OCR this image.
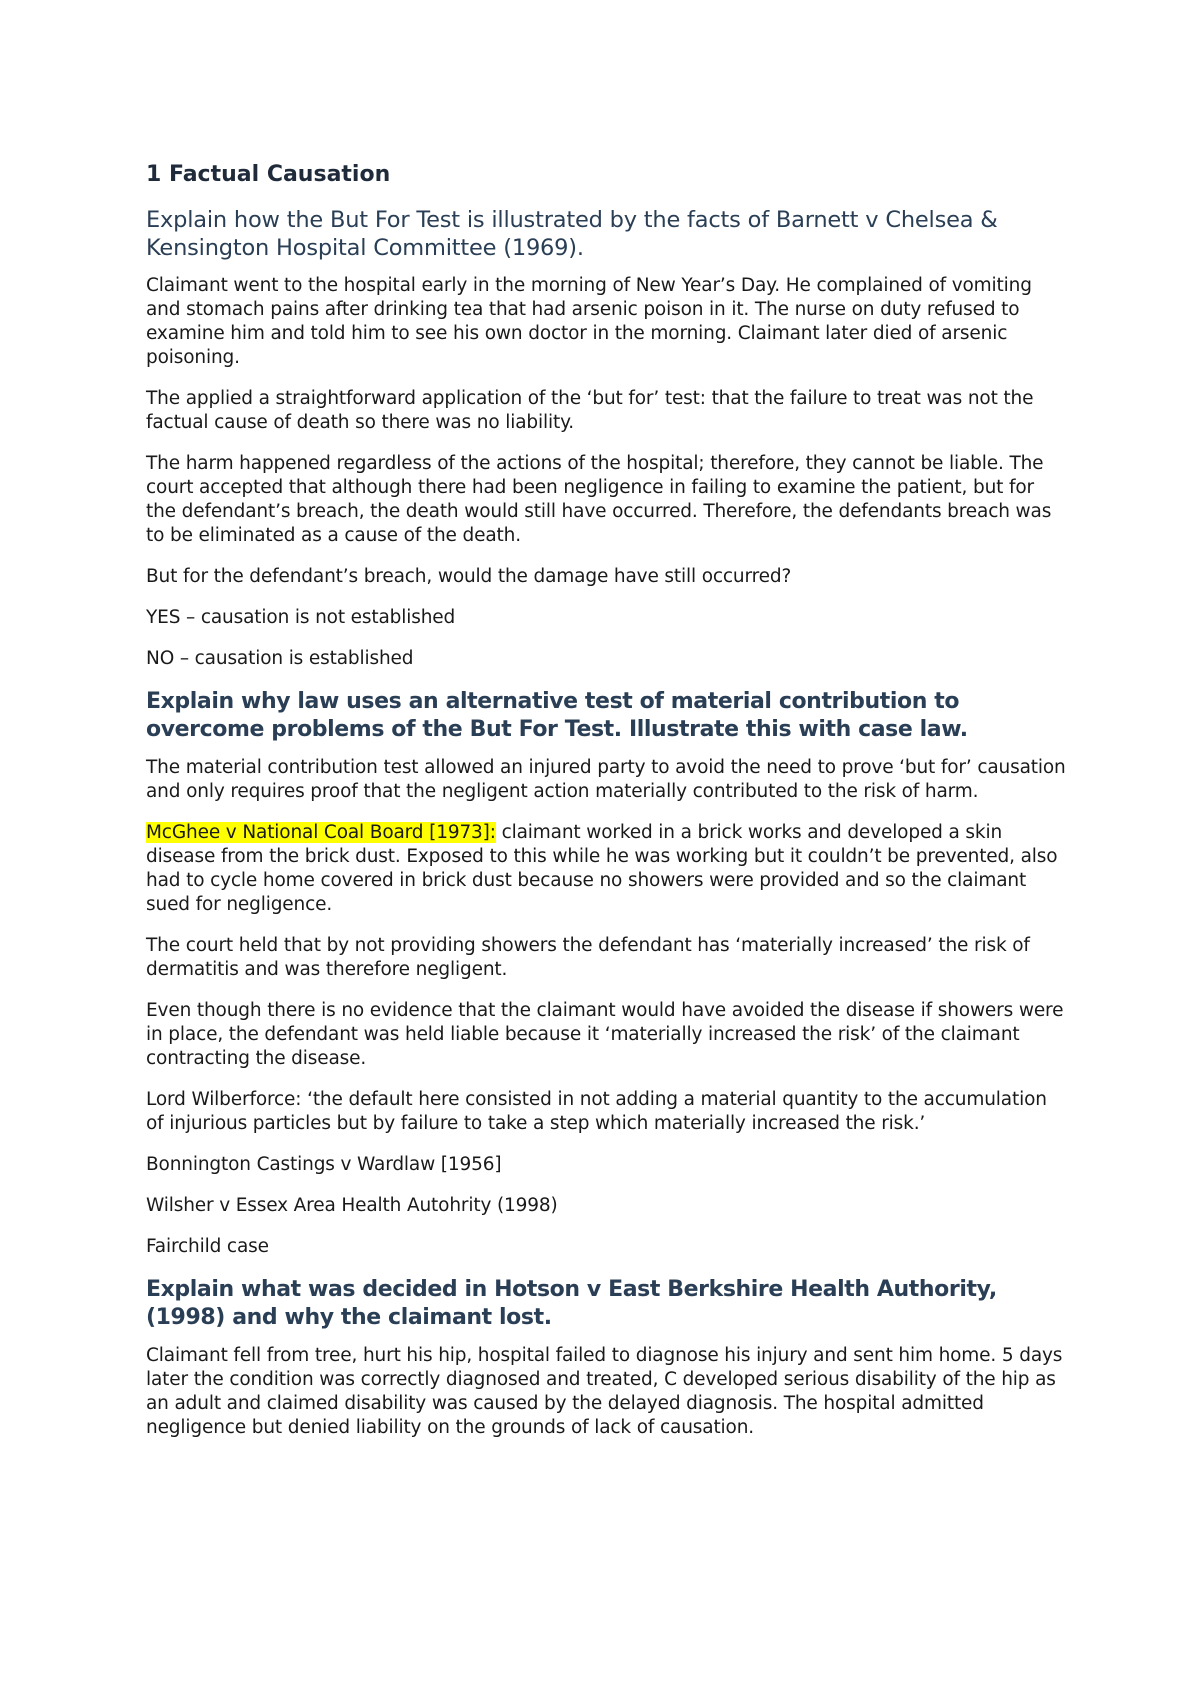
1 Factual Causation
Explain how the But For Test is illustrated by the facts of Barnett v Chelsea & Kensington Hospital Committee (1969).

Claimant went to the hospital early in the morning of New Year’s Day. He complained of vomiting and stomach pains after drinking tea that had arsenic poison in it. The nurse on duty refused to examine him and told him to see his own doctor in the morning. Claimant later died of arsenic poisoning.

The applied a straightforward application of the ‘but for’ test: that the failure to treat was not the factual cause of death so there was no liability.

The harm happened regardless of the actions of the hospital; therefore, they cannot be liable. The court accepted that although there had been negligence in failing to examine the patient, but for the defendant’s breach, the death would still have occurred. Therefore, the defendants breach was to be eliminated as a cause of the death.

But for the defendant’s breach, would the damage have still occurred?

YES – causation is not established

NO – causation is established

Explain why law uses an alternative test of material contribution to overcome problems of the But For Test. Illustrate this with case law.

The material contribution test allowed an injured party to avoid the need to prove ‘but for’ causation and only requires proof that the negligent action materially contributed to the risk of harm.

McGhee v National Coal Board [1973]: claimant worked in a brick works and developed a skin disease from the brick dust. Exposed to this while he was working but it couldn’t be prevented, also had to cycle home covered in brick dust because no showers were provided and so the claimant sued for negligence.

The court held that by not providing showers the defendant has ‘materially increased’ the risk of dermatitis and was therefore negligent.

Even though there is no evidence that the claimant would have avoided the disease if showers were in place, the defendant was held liable because it ‘materially increased the risk’ of the claimant contracting the disease.

Lord Wilberforce: ‘the default here consisted in not adding a material quantity to the accumulation of injurious particles but by failure to take a step which materially increased the risk.’

Bonnington Castings v Wardlaw [1956]

Wilsher v Essex Area Health Autohrity (1998)

Fairchild case

Explain what was decided in Hotson v East Berkshire Health Authority, (1998) and why the claimant lost.

Claimant fell from tree, hurt his hip, hospital failed to diagnose his injury and sent him home. 5 days later the condition was correctly diagnosed and treated, C developed serious disability of the hip as an adult and claimed disability was caused by the delayed diagnosis. The hospital admitted negligence but denied liability on the grounds of lack of causation.
